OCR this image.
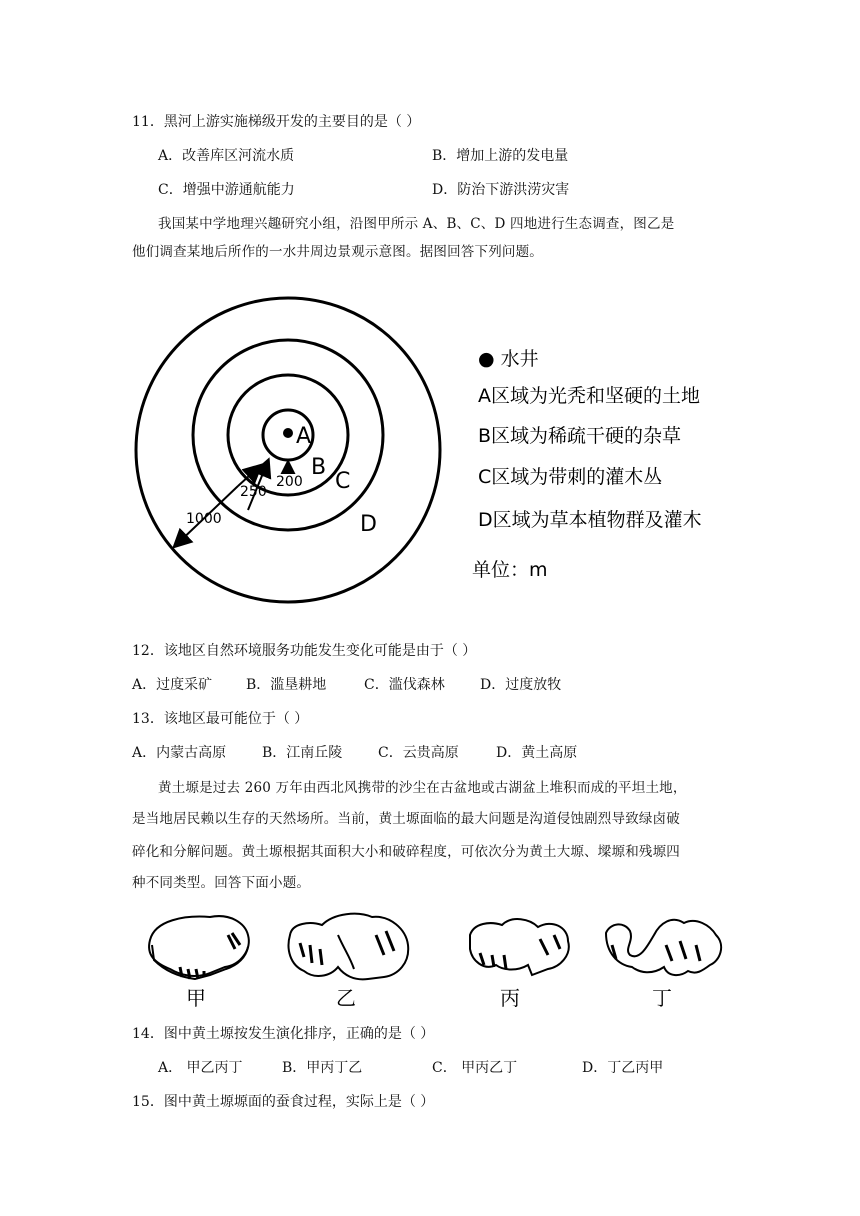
11．黑河上游实施梯级开发的主要目的是（ ）
A．改善库区河流水质	B．增加上游的发电量
C．增强中游通航能力	D．防治下游洪涝灾害
我国某中学地理兴趣研究小组，沿图甲所示 A、B、C、D 四地进行生态调查，图乙是
他们调查某地后所作的一水井周边景观示意图。据图回答下列问题。
A
B
C
D
200
250
1000
● 水井
A区域为光秃和坚硬的土地
B区域为稀疏干硬的杂草
C区域为带刺的灌木丛
D区域为草本植物群及灌木
单位：m
12．该地区自然环境服务功能发生变化可能是由于（ ）
A．过度采矿 B．滥垦耕地	C．滥伐森林	D．过度放牧
13．该地区最可能位于（ ）
A．内蒙古高原	B．江南丘陵	C．云贵高原	D．黄土高原
黄土塬是过去 260 万年由西北风携带的沙尘在古盆地或古湖盆上堆积而成的平坦土地，
是当地居民赖以生存的天然场所。当前，黄土塬面临的最大问题是沟道侵蚀剧烈导致绿卤破
碎化和分解问题。黄土塬根据其面积大小和破碎程度，可依次分为黄土大塬、墚塬和残塬四
种不同类型。回答下面小题。
甲	乙	丙	丁
14．图中黄土塬按发生演化排序，正确的是（ ）
A． 甲乙丙丁	B．甲丙丁乙	C． 甲丙乙丁	D．丁乙丙甲
15．图中黄土塬塬面的蚕食过程，实际上是（ ）
